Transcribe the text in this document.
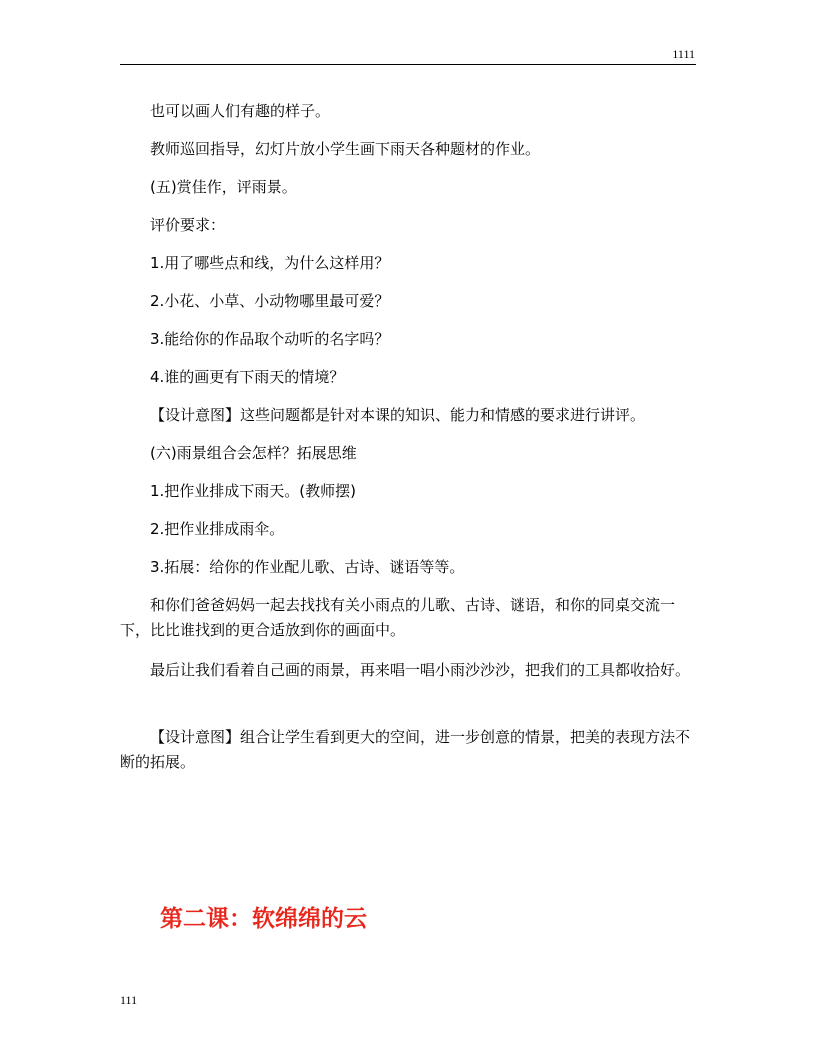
1111
也可以画人们有趣的样子。
教师巡回指导，幻灯片放小学生画下雨天各种题材的作业。
(五)赏佳作，评雨景。
评价要求：
1.用了哪些点和线，为什么这样用？
2.小花、小草、小动物哪里最可爱？
3.能给你的作品取个动听的名字吗？
4.谁的画更有下雨天的情境？
【设计意图】这些问题都是针对本课的知识、能力和情感的要求进行讲评。
(六)雨景组合会怎样？拓展思维
1.把作业排成下雨天。(教师摆)
2.把作业排成雨伞。
3.拓展：给你的作业配儿歌、古诗、谜语等等。
和你们爸爸妈妈一起去找找有关小雨点的儿歌、古诗、谜语，和你的同桌交流一下，比比谁找到的更合适放到你的画面中。
最后让我们看着自己画的雨景，再来唱一唱小雨沙沙沙，把我们的工具都收拾好。
【设计意图】组合让学生看到更大的空间，进一步创意的情景，把美的表现方法不断的拓展。
第二课：软绵绵的云
111
